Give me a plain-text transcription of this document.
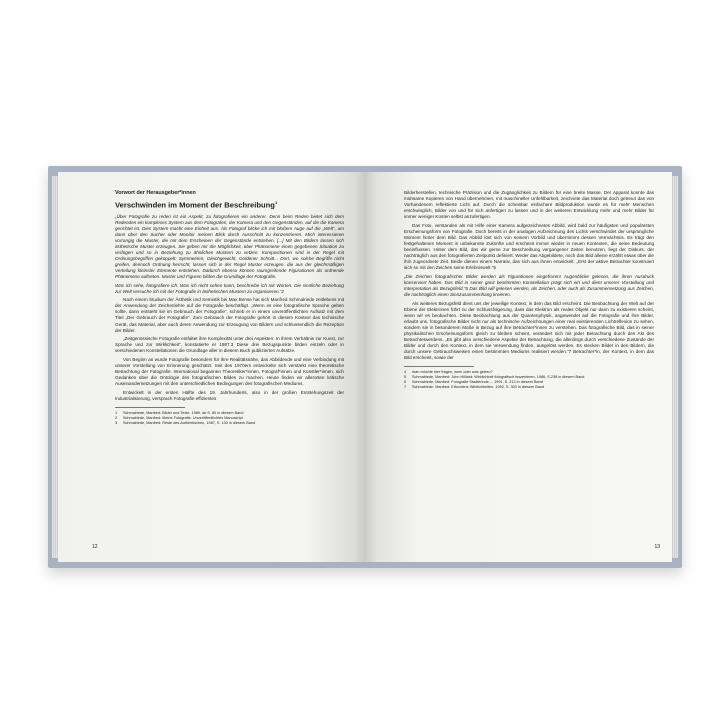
Vorwort der Herausgeber*innen
Verschwinden im Moment der Beschreibung$^1$

„Über Fotografie zu reden ist ein Aspekt, zu fotografieren ein anderer. Denn beim Reden bietet sich dem Redenden ein komplexes System aus dem Fotografen, der Kamera und den Gegenständen, auf die die Kamera gerichtet ist. Dies System macht eine Einheit aus. Als Fotograf blicke ich mit bloßem Auge auf die „Welt“, um dann über den Sucher oder Monitor meinen Blick durch Ausschnitt zu konzentrieren. Mich interessieren vorrangig die Muster, die mit dem Erscheinen der Gegenstände entstehen. [...] Mit den Bildern lassen sich ästhetische Muster erzeugen. Sie geben mir die Möglichkeit, über Phänomene einen gegebenen Situation zu verfügen und so in Beziehung zu ähnlichen Mustern zu setzen. Kompositionen sind in der Regel mit Ordnungsbegriffen gekoppelt: Symmetrien, Gleichgewicht, Goldener Schnitt... Dort, wo solche Begriffe nicht greifen, dennoch Ordnung herrscht, lassen sich in der Regel Muster erzeugen, die aus der gleichmäßigen Verteilung kleinster Elemente entstehen. Dadurch ebenso können raumgreifende Figurationen als ordnende Phänomene auftreten. Muster und Figuren bilden die Grundlage der Fotografie.

Was ich sehe, fotografiere ich. Was ich nicht sehen kann, beschreibe ich mit Worten. Die sinnliche Beziehung zur Welt versuche ich mit der Fotografie in ästhetischen Mustern zu organisieren.“2

Nach einem Studium der Ästhetik und Semiotik bei Max Bense hat sich Manfred Schmalriede zeitlebens mit der Anwendung der Zeichenlehre auf die Fotografie beschäftigt. „Wenn es eine fotografische Sprache geben sollte, dann entsteht sie im Gebrauch der Fotografie“, schrieb er in einem unveröffentlichten Aufsatz mit dem Titel „Der Gebrauch der Fotografie“. Zum Gebrauch der Fotografie gehört in diesem Kontext das technische Gerät, das Material, aber auch deren Anwendung zur Erzeugung von Bildern und schlussendlich die Rezeption der Bilder.

„Zeitgenössische Fotografie entfaltet ihre Komplexität unter drei Aspekten: In ihrem Verhältnis zur Kunst, zur Sprache und zur Wirklichkeit“, konstatierte er 1987.3 Diese drei Bezugspunkte bilden einzeln oder in verschiedenen Konstellationen die Grundlage aller in diesem Buch publizierten Aufsätze.

Von Beginn an wurde Fotografie besonders für ihre Realitätsnähe, das Abbildende und eine Verbindung mit unserer Vorstellung von Erinnerung geschätzt. Seit den 1970ern entwickelte sich verstärkt eine theoretische Betrachtung der Fotografie. International begannen Theoretiker*innen, Fotograf*innen und Künstler*innen, sich Gedanken über die Ontologie des fotografischen Bildes zu machen. Heute finden wir allerorten kritische Auseinandersetzungen mit den unterschiedlichen Bedingungen des fotografischen Mediums.

Entwickelt in der ersten Hälfte des 19. Jahrhunderts, also in der großen Entstehungszeit der Industrialisierung, versprach Fotografie effizientes

1	Schmalriede, Manfred: Bilder und Texte, 1989, ab S. 80 in diesem Band
2	Schmalriede, Manfred: Meine Fotografie. Unveröffentlichtes Manuskript
3	Schmalriede, Manfred: Reste des Authentischen, 1987, S. 130 in diesem Band
12

Bilderherstellen, technische Präzision und die Zugänglichkeit zu Bildern für eine breite Masse. Der Apparat konnte das mühsame Kopieren von Hand übernehmen, mit maschineller Unfehlbarkeit, zeichnete das Material doch getreu4 das von Vorhandenem reflektierte Licht auf. Durch die scheinbar einfachere Bildproduktion wurde es für mehr Menschen erschwinglich, Bilder von und für sich anfertigen zu lassen und in der weiteren Entwicklung mehr und mehr Bilder für immer weniger Kosten selbst anzufertigen.

Das Foto, verstanden als mit Hilfe einer Kamera aufgezeichnetes Abbild, wird bald zur häufigsten und populärsten Erscheinungsform von Fotografie. Doch bereits in der analogen Aufzeichnung des Lichts verschwindet der ursprüngliche Moment hinter dem Bild. Das Abbild löst sich von seinem Vorbild und übernimmt dessen Vermächtnis. Es trägt den festgehaltenen Moment in unbekannte Zukünfte und erscheint immer wieder in neuen Kontexten, die seine Bedeutung beeinflussen. Hinter dem Bild, das wir gerne zur Beschreibung vergangener Zeiten benutzen, liegt der Diskurs, der nachträglich aus den fotografierten Zeitpunkt definiert. Weder das Abgebildete, noch das Bild alleine erzählt etwas über die ihm zugeordnete Zeit. Beide dienen einem Narrativ, das sich aus ihnen entwickelt. „Erst der aktive Betrachter konstruiert sich so mit den Zeichen seine Erlebniswelt.“5

„Die Zeichen fotografischer Bilder werden als Figurationen eingefroren! Augenblicke gelesen, die ihren Ausdruck konserviert haben. Das Bild in seiner ganz bestimmten Konstellation prägt sich ein und dient unserer Vorstellung und Interpretation als Bezugsfeld.“6 Das Bild will gelesen werden, als Zeichen, oder auch als Zusammensetzung aus Zeichen, die nachträglich einen Sinnzusammenhang kreieren.

Als weiteres Bezugsfeld dient uns der jeweilige Kontext, in dem das Bild erscheint. Die Beobachtung der Welt auf der Ebene der Elektronen führt zu der Schlussfolgerung, dass das Elektron als reales Objekt nur dann zu existieren scheint, wenn wir es beobachten. Diese Beobachtung aus der Quantenphysik, angewendet auf die Fotografie und ihre Bilder, erlaubt uns, fotografische Bilder nicht nur als technische Aufzeichnungen einer real existierenden Lichtreflexion zu sehen, sondern sie in besonderem Maße in Bezug auf ihre Betrachter*innen zu verstehen. Das fotografische Bild, das in seiner physikalischen Erscheinungsform gleich zu bleiben scheint, verändert sich mit jeder Betrachtung durch den Akt des Betrachtetwerdens. „Es gibt also verschiedene Aspekte der Betrachtung, die allerdings durch verschiedene Zustände der Bilder und durch den Kontext, in dem sie Verwendung finden, ausgelöst werden. Es stecken Bilder in den Bildern, die durch unsere Gebrauchsweisen einen bestimmten Mediums realisiert werden.“7 Betrachter*in, der Kontext, in dem das Bild erscheint, sowie der

4	man möchte hier fragen, wem oder was getreu?
5	Schmalriede, Manfred: John Hilliard: Wirklichkeit fotografisch inszenieren, 1986, S.238 in diesem Band
6	Schmalriede, Manfred: Fotografie Stadterinde..., 1991, S. 212 in diesem Band
7	Schmalriede, Manfred: Erfundene Wirklichkeiten, 1992, S. 300 in diesem Band
13
